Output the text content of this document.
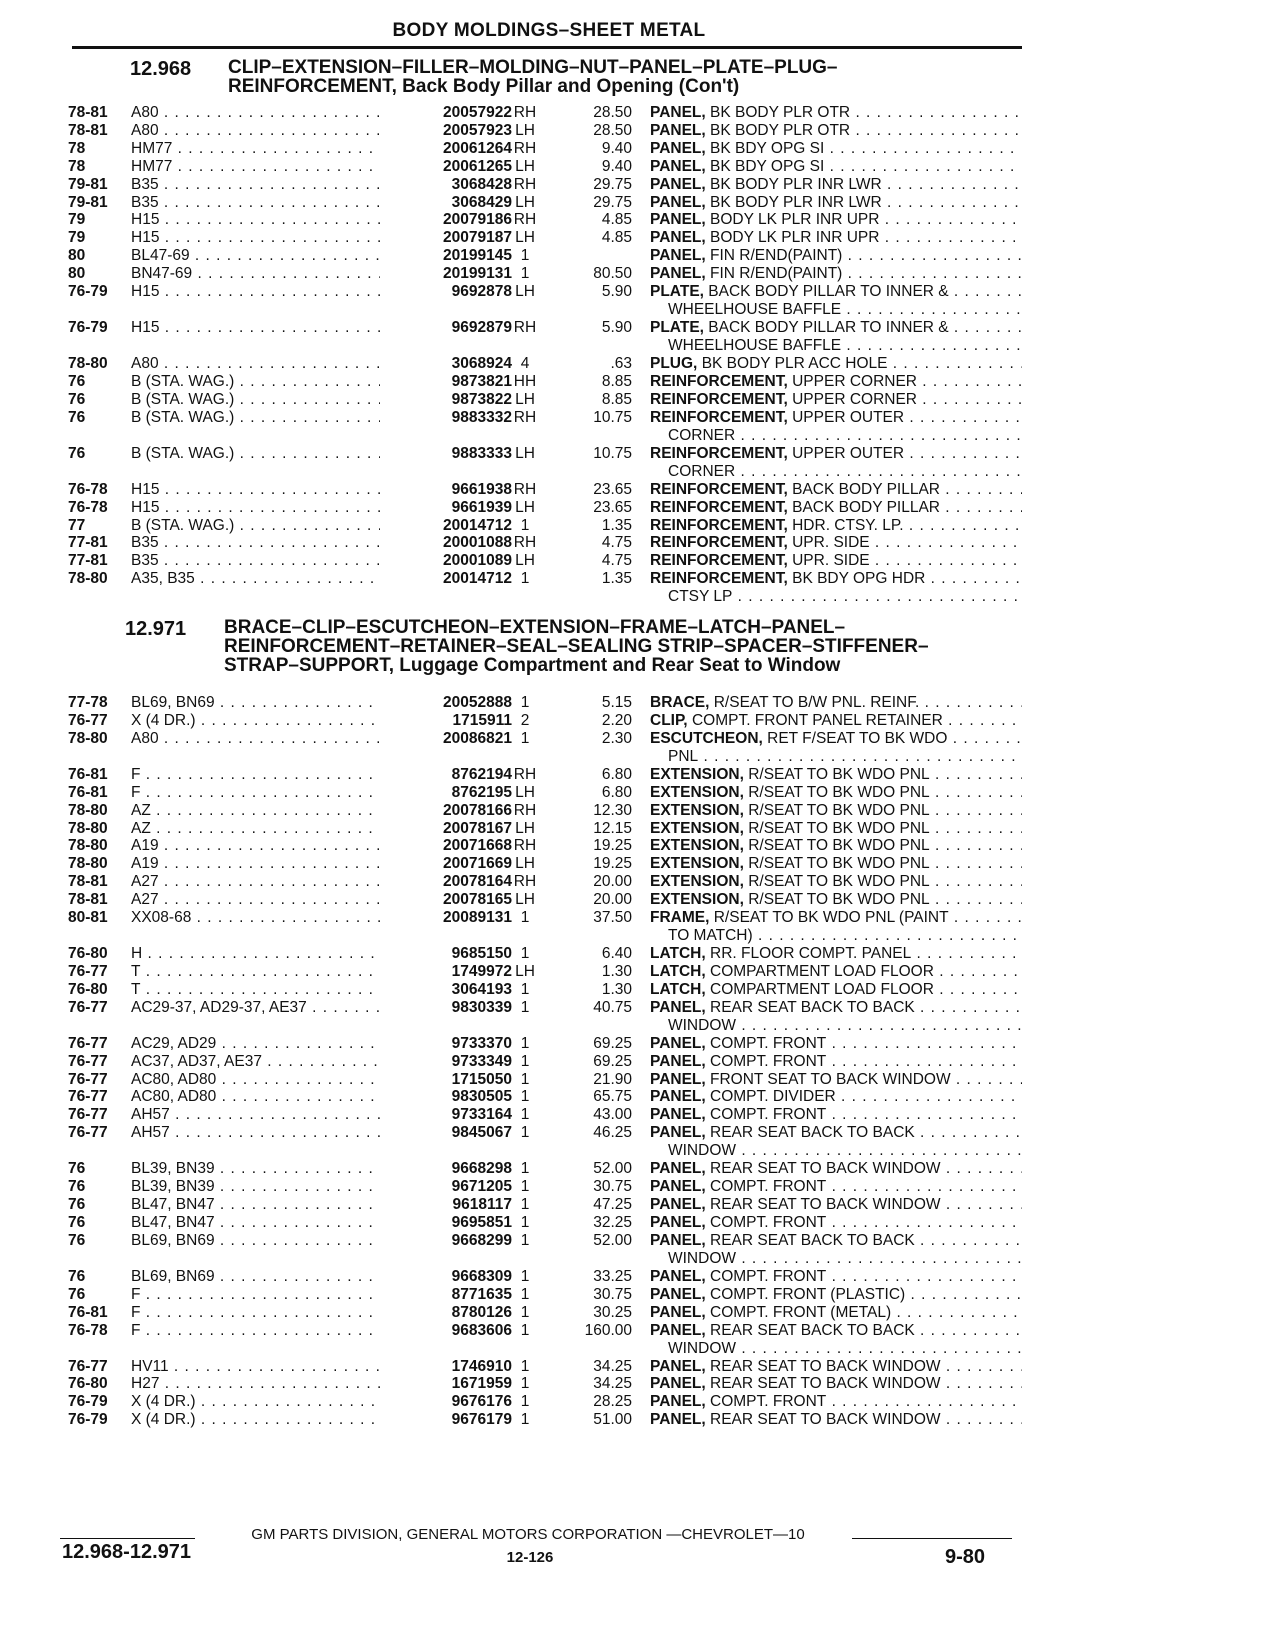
BODY MOLDINGS–SHEET METAL
12.968 CLIP–EXTENSION–FILLER–MOLDING–NUT–PANEL–PLATE–PLUG–REINFORCEMENT, Back Body Pillar and Opening (Con't)
78-81	A80 . . .	20057922 RH	28.50 PANEL, BK BODY PLR OTR . . .
78-81	A80 . . .	20057923 LH	28.50 PANEL, BK BODY PLR OTR . . .
78	HM77 . . .	20061264 RH	9.40 PANEL, BK BDY OPG SI . . .
78	HM77 . . .	20061265 LH	9.40 PANEL, BK BDY OPG SI . . .
79-81	B35 . . .	3068428 RH	29.75 PANEL, BK BODY PLR INR LWR . . .
79-81	B35 . . .	3068429 LH	29.75 PANEL, BK BODY PLR INR LWR . . .
79	H15 . . .	20079186 RH	4.85 PANEL, BODY LK PLR INR UPR . . .
79	H15 . . .	20079187 LH	4.85 PANEL, BODY LK PLR INR UPR . . .
80	BL47-69 . . .	20199145 1	PANEL, FIN R/END(PAINT) . . .
80	BN47-69 . . .	20199131 1	80.50 PANEL, FIN R/END(PAINT) . . .
76-79	H15 . . .	9692878 LH	5.90 PLATE, BACK BODY PILLAR TO INNER & . . .
WHEELHOUSE BAFFLE . . .
76-79	H15 . . .	9692879 RH	5.90 PLATE, BACK BODY PILLAR TO INNER & . . .
WHEELHOUSE BAFFLE . . .
78-80	A80 . . .	3068924 4	.63 PLUG, BK BODY PLR ACC HOLE . . .
76	B (STA. WAG.) . . .	9873821 HH	8.85 REINFORCEMENT, UPPER CORNER . . .
76	B (STA. WAG.) . . .	9873822 LH	8.85 REINFORCEMENT, UPPER CORNER . . .
76	B (STA. WAG.) . . .	9883332 RH	10.75 REINFORCEMENT, UPPER OUTER . . .
CORNER . . .
76	B (STA. WAG.) . . .	9883333 LH	10.75 REINFORCEMENT, UPPER OUTER . . .
CORNER . . .
76-78	H15 . . .	9661938 RH	23.65 REINFORCEMENT, BACK BODY PILLAR . . .
76-78	H15 . . .	9661939 LH	23.65 REINFORCEMENT, BACK BODY PILLAR . . .
77	B (STA. WAG.) . . .	20014712 1	1.35 REINFORCEMENT, HDR. CTSY. LP. . . .
77-81	B35 . . .	20001088 RH	4.75 REINFORCEMENT, UPR. SIDE . . .
77-81	B35 . . .	20001089 LH	4.75 REINFORCEMENT, UPR. SIDE . . .
78-80	A35, B35 . . .	20014712 1	1.35 REINFORCEMENT, BK BDY OPG HDR . . .
CTSY LP . . .
12.971 BRACE–CLIP–ESCUTCHEON–EXTENSION–FRAME–LATCH–PANEL–REINFORCEMENT–RETAINER–SEAL–SEALING STRIP–SPACER–STIFFENER–STRAP–SUPPORT, Luggage Compartment and Rear Seat to Window
77-78	BL69, BN69 . . .	20052888 1	5.15 BRACE, R/SEAT TO B/W PNL. REINF. . . .
76-77	X (4 DR.) . . .	1715911 2	2.20 CLIP, COMPT. FRONT PANEL RETAINER . . .
78-80	A80 . . .	20086821 1	2.30 ESCUTCHEON, RET F/SEAT TO BK WDO . . .
PNL . . .
76-81	F . . .	8762194 RH	6.80 EXTENSION, R/SEAT TO BK WDO PNL . . .
76-81	F . . .	8762195 LH	6.80 EXTENSION, R/SEAT TO BK WDO PNL . . .
78-80	AZ . . .	20078166 RH	12.30 EXTENSION, R/SEAT TO BK WDO PNL . . .
78-80	AZ . . .	20078167 LH	12.15 EXTENSION, R/SEAT TO BK WDO PNL . . .
78-80	A19 . . .	20071668 RH	19.25 EXTENSION, R/SEAT TO BK WDO PNL . . .
78-80	A19 . . .	20071669 LH	19.25 EXTENSION, R/SEAT TO BK WDO PNL . . .
78-81	A27 . . .	20078164 RH	20.00 EXTENSION, R/SEAT TO BK WDO PNL . . .
78-81	A27 . . .	20078165 LH	20.00 EXTENSION, R/SEAT TO BK WDO PNL . . .
80-81	XX08-68 . . .	20089131 1	37.50 FRAME, R/SEAT TO BK WDO PNL (PAINT . . .
TO MATCH) . . .
76-80	H . . .	9685150 1	6.40 LATCH, RR. FLOOR COMPT. PANEL . . .
76-77	T . . .	1749972 LH	1.30 LATCH, COMPARTMENT LOAD FLOOR . . .
76-80	T . . .	3064193 1	1.30 LATCH, COMPARTMENT LOAD FLOOR . . .
76-77	AC29-37, AD29-37, AE37 . . .	9830339 1	40.75 PANEL, REAR SEAT BACK TO BACK . . .
WINDOW . . .
76-77	AC29, AD29 . . .	9733370 1	69.25 PANEL, COMPT. FRONT . . .
76-77	AC37, AD37, AE37 . . .	9733349 1	69.25 PANEL, COMPT. FRONT . . .
76-77	AC80, AD80 . . .	1715050 1	21.90 PANEL, FRONT SEAT TO BACK WINDOW . . .
76-77	AC80, AD80 . . .	9830505 1	65.75 PANEL, COMPT. DIVIDER . . .
76-77	AH57 . . .	9733164 1	43.00 PANEL, COMPT. FRONT . . .
76-77	AH57 . . .	9845067 1	46.25 PANEL, REAR SEAT BACK TO BACK . . .
WINDOW . . .
76	BL39, BN39 . . .	9668298 1	52.00 PANEL, REAR SEAT TO BACK WINDOW . . .
76	BL39, BN39 . . .	9671205 1	30.75 PANEL, COMPT. FRONT . . .
76	BL47, BN47 . . .	9618117 1	47.25 PANEL, REAR SEAT TO BACK WINDOW . . .
76	BL47, BN47 . . .	9695851 1	32.25 PANEL, COMPT. FRONT . . .
76	BL69, BN69 . . .	9668299 1	52.00 PANEL, REAR SEAT BACK TO BACK . . .
WINDOW . . .
76	BL69, BN69 . . .	9668309 1	33.25 PANEL, COMPT. FRONT . . .
76	F . . .	8771635 1	30.75 PANEL, COMPT. FRONT (PLASTIC) . . .
76-81	F . . .	8780126 1	30.25 PANEL, COMPT. FRONT (METAL) . . .
76-78	F . . .	9683606 1	160.00 PANEL, REAR SEAT BACK TO BACK . . .
WINDOW . . .
76-77	HV11 . . .	1746910 1	34.25 PANEL, REAR SEAT TO BACK WINDOW . . .
76-80	H27 . . .	1671959 1	34.25 PANEL, REAR SEAT TO BACK WINDOW . . .
76-79	X (4 DR.) . . .	9676176 1	28.25 PANEL, COMPT. FRONT . . .
76-79	X (4 DR.) . . .	9676179 1	51.00 PANEL, REAR SEAT TO BACK WINDOW . . .
GM PARTS DIVISION, GENERAL MOTORS CORPORATION —CHEVROLET—10
12.968-12.971	12-126	9-80
